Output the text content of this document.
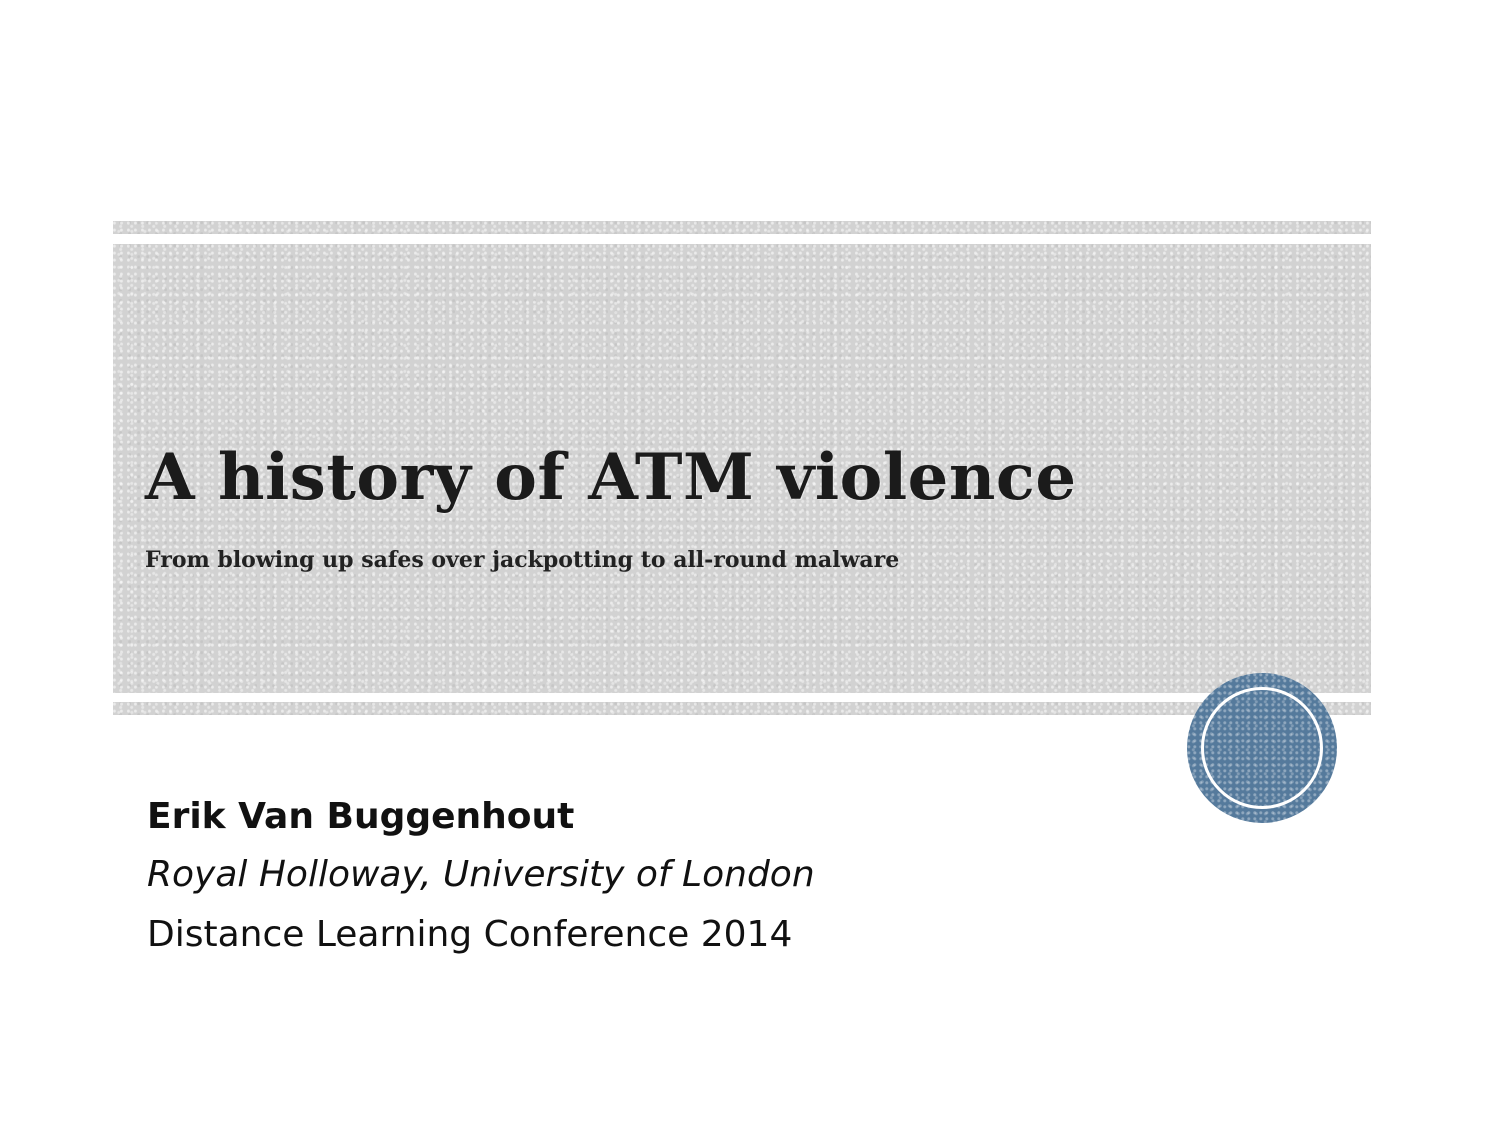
A history of ATM violence

From blowing up safes over jackpotting to all-round malware

Erik Van Buggenhout

Royal Holloway, University of London

Distance Learning Conference 2014
